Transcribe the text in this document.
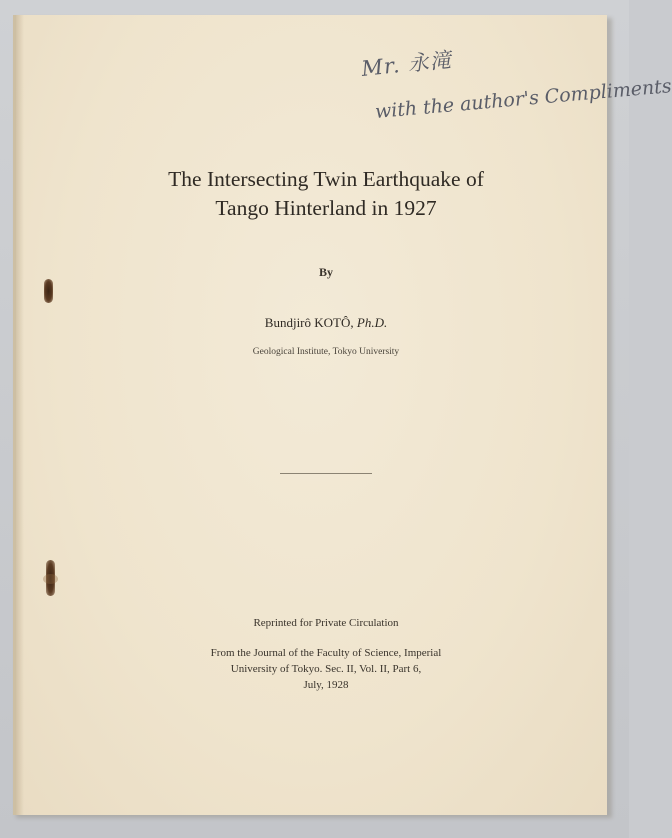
Mr. 永滝
with the author's Compliments
The Intersecting Twin Earthquake of
Tango Hinterland in 1927
By
Bundjirô KOTÔ, Ph.D.
Geological Institute, Tokyo University
Reprinted for Private Circulation
From the Journal of the Faculty of Science, Imperial
University of Tokyo. Sec. II, Vol. II, Part 6,
July, 1928
